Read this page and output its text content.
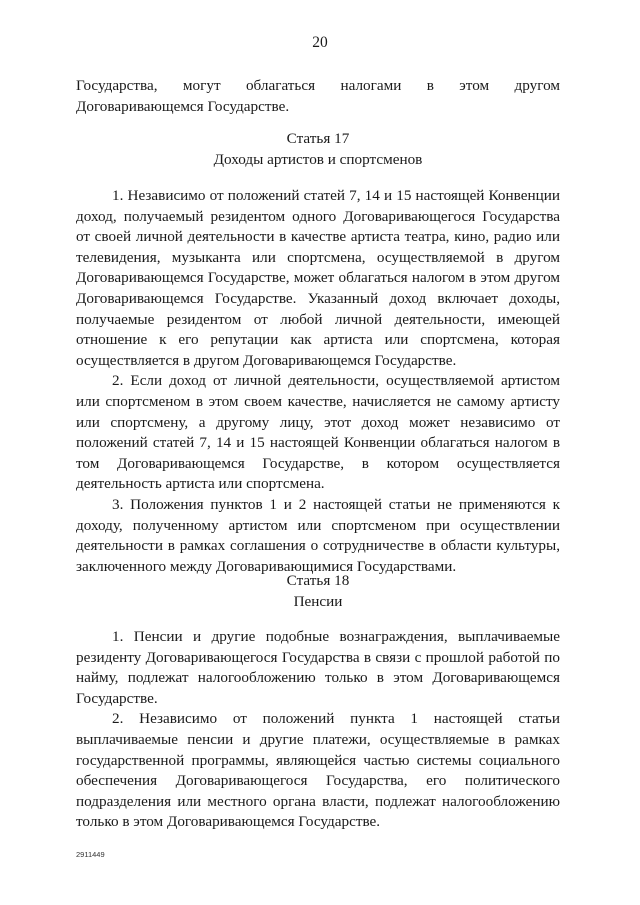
20

Государства, могут облагаться налогами в этом другом Договаривающемся Государстве.

Статья 17
Доходы артистов и спортсменов

1. Независимо от положений статей 7, 14 и 15 настоящей Конвенции доход, получаемый резидентом одного Договаривающегося Государства от своей личной деятельности в качестве артиста театра, кино, радио или телевидения, музыканта или спортсмена, осуществляемой в другом Договаривающемся Государстве, может облагаться налогом в этом другом Договаривающемся Государстве. Указанный доход включает доходы, получаемые резидентом от любой личной деятельности, имеющей отношение к его репутации как артиста или спортсмена, которая осуществляется в другом Договаривающемся Государстве.

2. Если доход от личной деятельности, осуществляемой артистом или спортсменом в этом своем качестве, начисляется не самому артисту или спортсмену, а другому лицу, этот доход может независимо от положений статей 7, 14 и 15 настоящей Конвенции облагаться налогом в том Договаривающемся Государстве, в котором осуществляется деятельность артиста или спортсмена.

3. Положения пунктов 1 и 2 настоящей статьи не применяются к доходу, полученному артистом или спортсменом при осуществлении деятельности в рамках соглашения о сотрудничестве в области культуры, заключенного между Договаривающимися Государствами.

Статья 18
Пенсии

1. Пенсии и другие подобные вознаграждения, выплачиваемые резиденту Договаривающегося Государства в связи с прошлой работой по найму, подлежат налогообложению только в этом Договаривающемся Государстве.

2. Независимо от положений пункта 1 настоящей статьи выплачиваемые пенсии и другие платежи, осуществляемые в рамках государственной программы, являющейся частью системы социального обеспечения Договаривающегося Государства, его политического подразделения или местного органа власти, подлежат налогообложению только в этом Договаривающемся Государстве.

2911449
